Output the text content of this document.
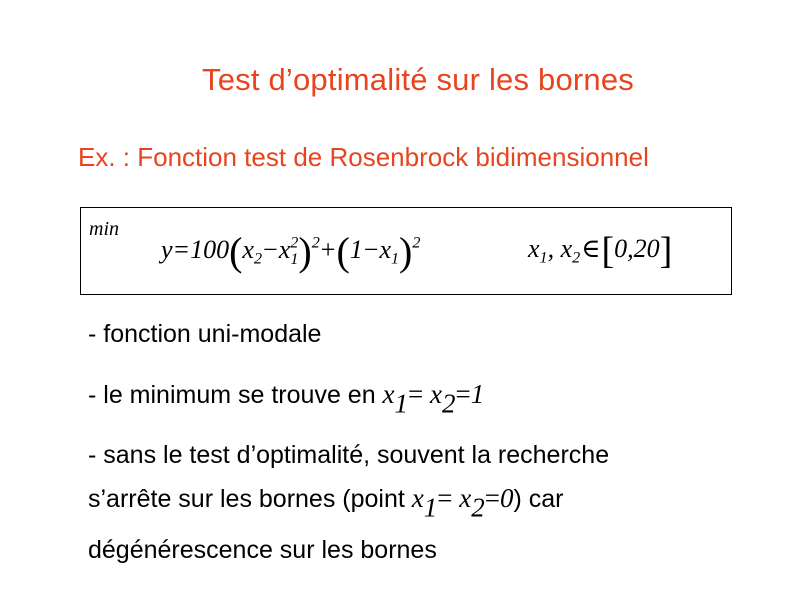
Test d’optimalité sur les bornes
Ex. : Fonction test de Rosenbrock bidimensionnel
min
$y=100(x_2-x^2_1)^2+(1-x_1)^2$	$x_1$, $x_2\in[0,20]$
- fonction uni-modale
- le minimum se trouve en $x_1= x_2=1$
- sans le test d’optimalité, souvent la recherche
s’arrête sur les bornes (point $x_1= x_2=0$) car
dégénérescence sur les bornes
